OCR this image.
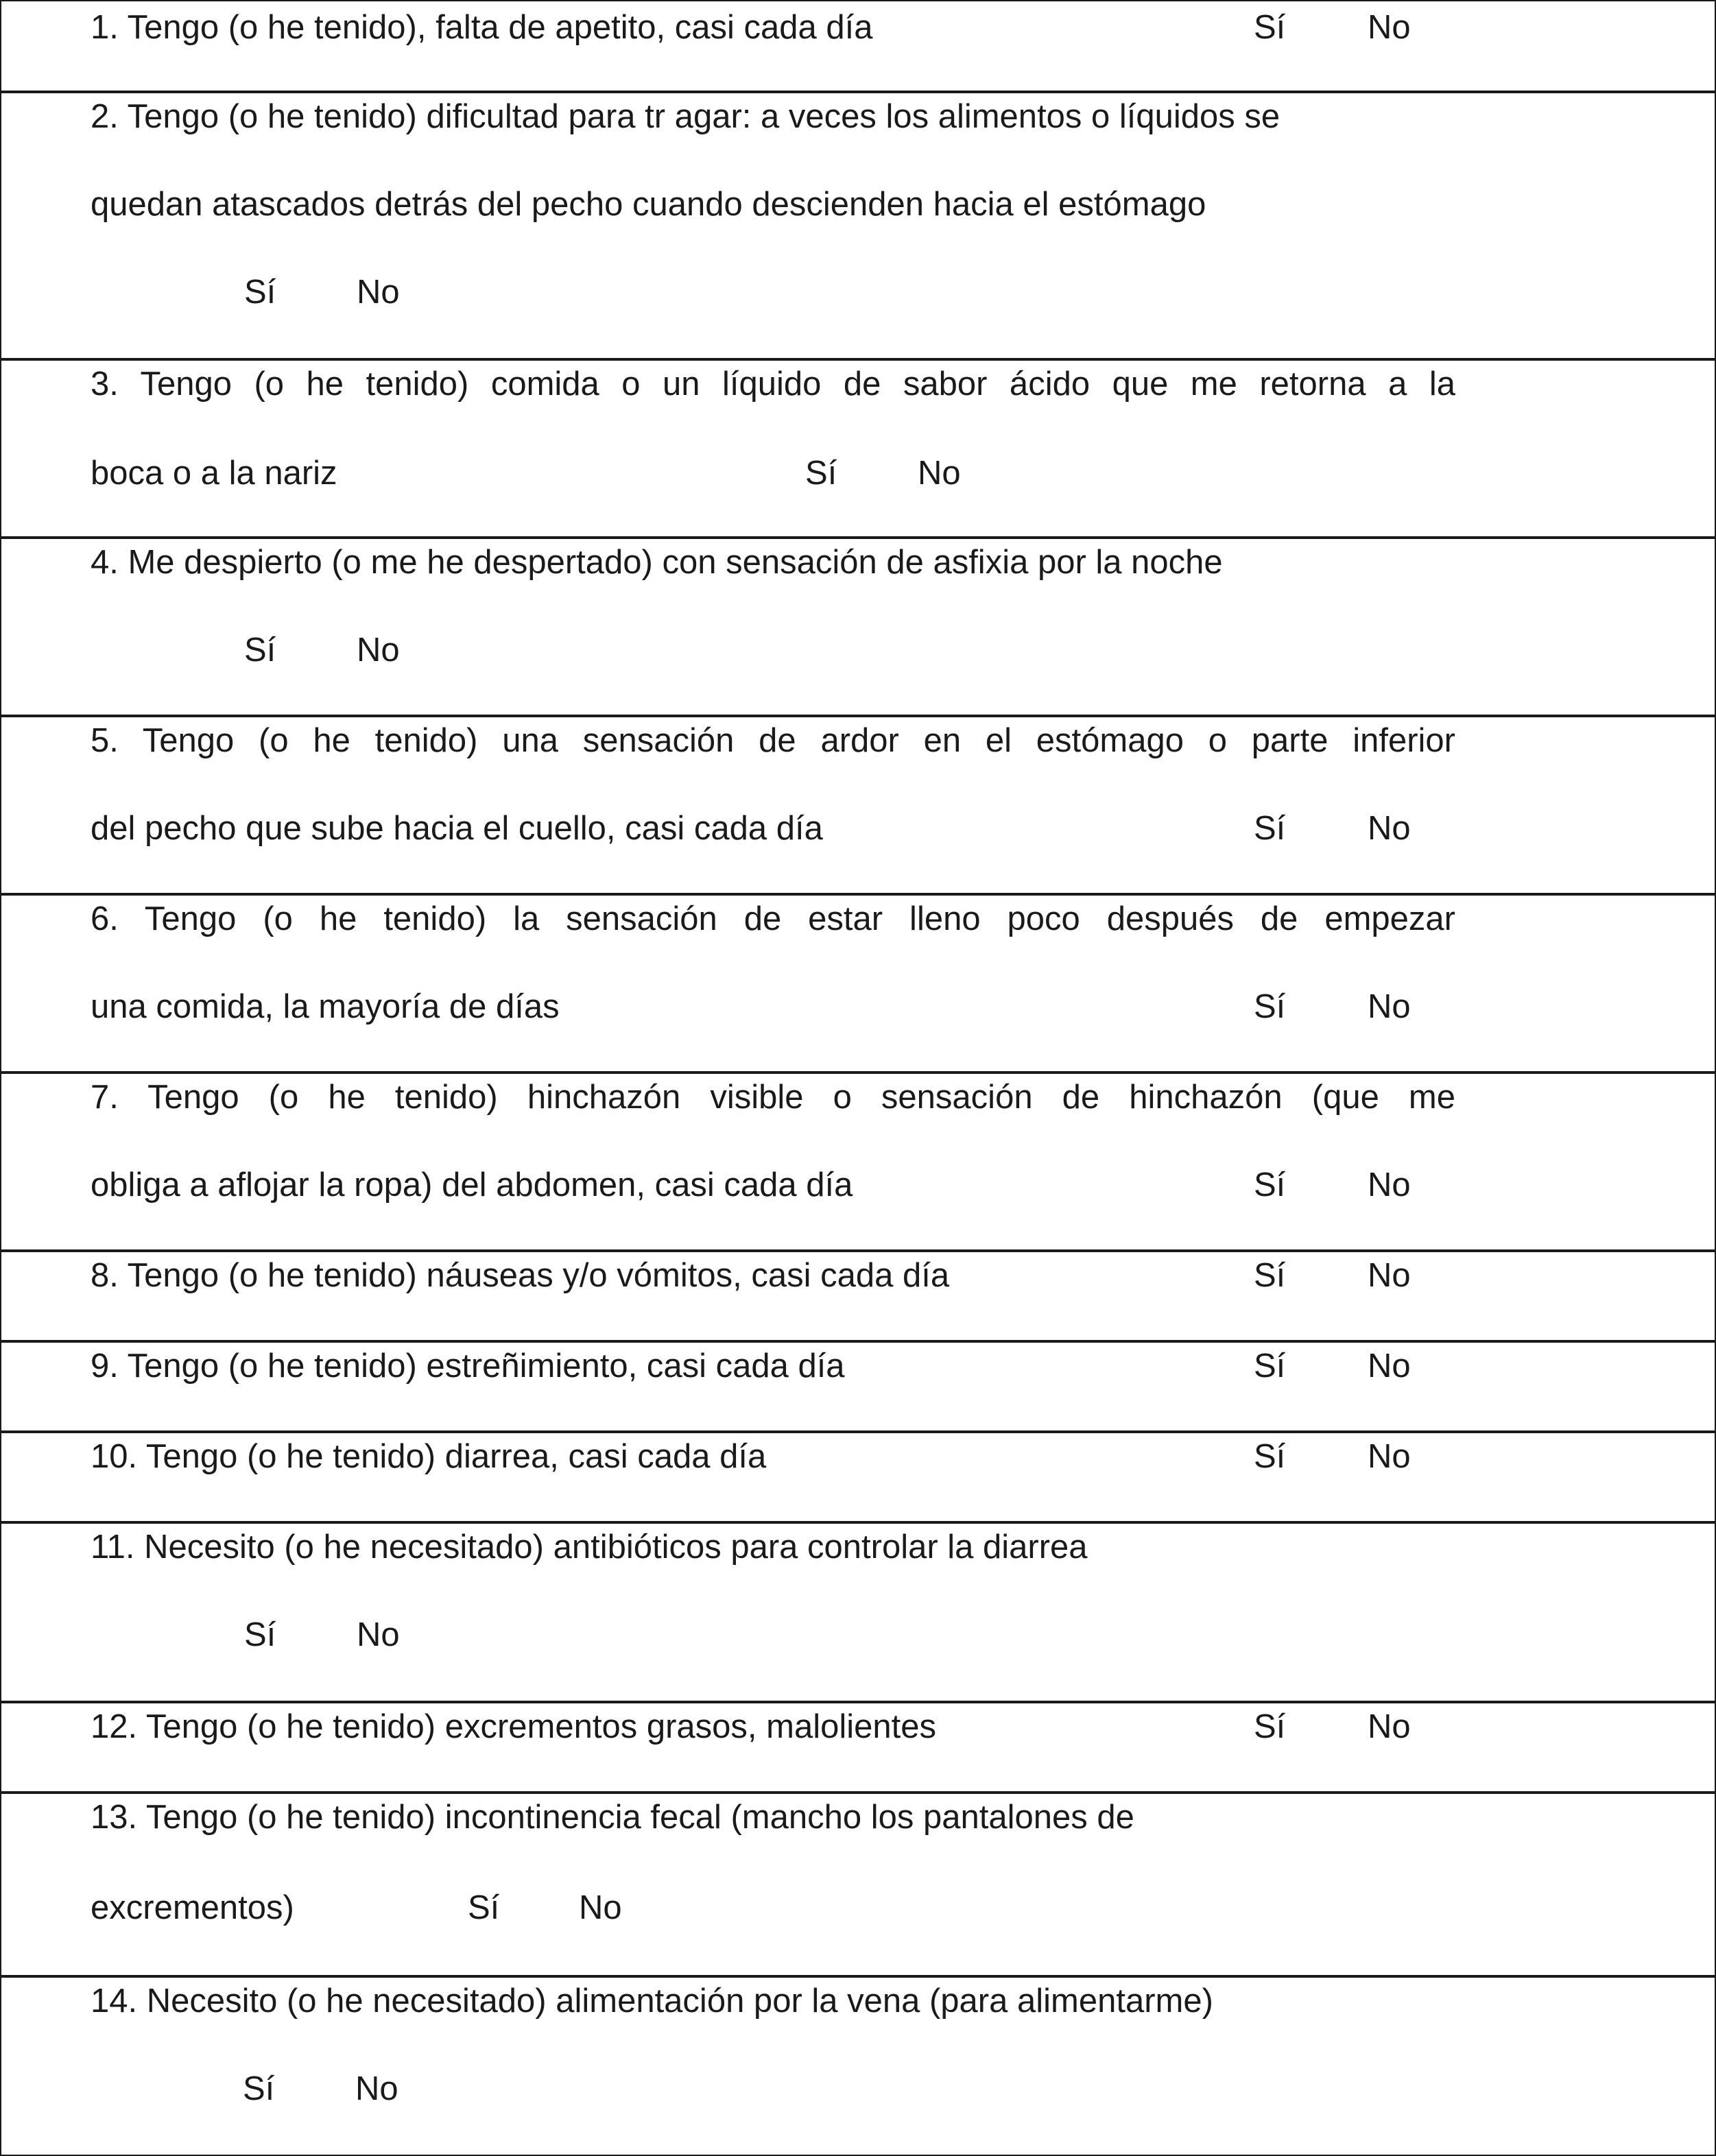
1. Tengo (o he tenido), falta de apetito, casi cada día	Sí No
2. Tengo (o he tenido) dificultad para tr agar: a veces los alimentos o líquidos se
quedan atascados detrás del pecho cuando descienden hacia el estómago
Sí No
3. Tengo (o he tenido) comida o un líquido de sabor ácido que me retorna a la
boca o a la nariz	Sí No
4. Me despierto (o me he despertado) con sensación de asfixia por la noche
Sí No
5. Tengo (o he tenido) una sensación de ardor en el estómago o parte inferior
del pecho que sube hacia el cuello, casi cada día	Sí No
6. Tengo (o he tenido) la sensación de estar lleno poco después de empezar
una comida, la mayoría de días	Sí No
7. Tengo (o he tenido) hinchazón visible o sensación de hinchazón (que me
obliga a aflojar la ropa) del abdomen, casi cada día	Sí No
8. Tengo (o he tenido) náuseas y/o vómitos, casi cada día	Sí No
9. Tengo (o he tenido) estreñimiento, casi cada día	Sí No
10. Tengo (o he tenido) diarrea, casi cada día	Sí No
11. Necesito (o he necesitado) antibióticos para controlar la diarrea
Sí No
12. Tengo (o he tenido) excrementos grasos, malolientes	Sí No
13. Tengo (o he tenido) incontinencia fecal (mancho los pantalones de
excrementos)	Sí No
14. Necesito (o he necesitado) alimentación por la vena (para alimentarme)
Sí No
